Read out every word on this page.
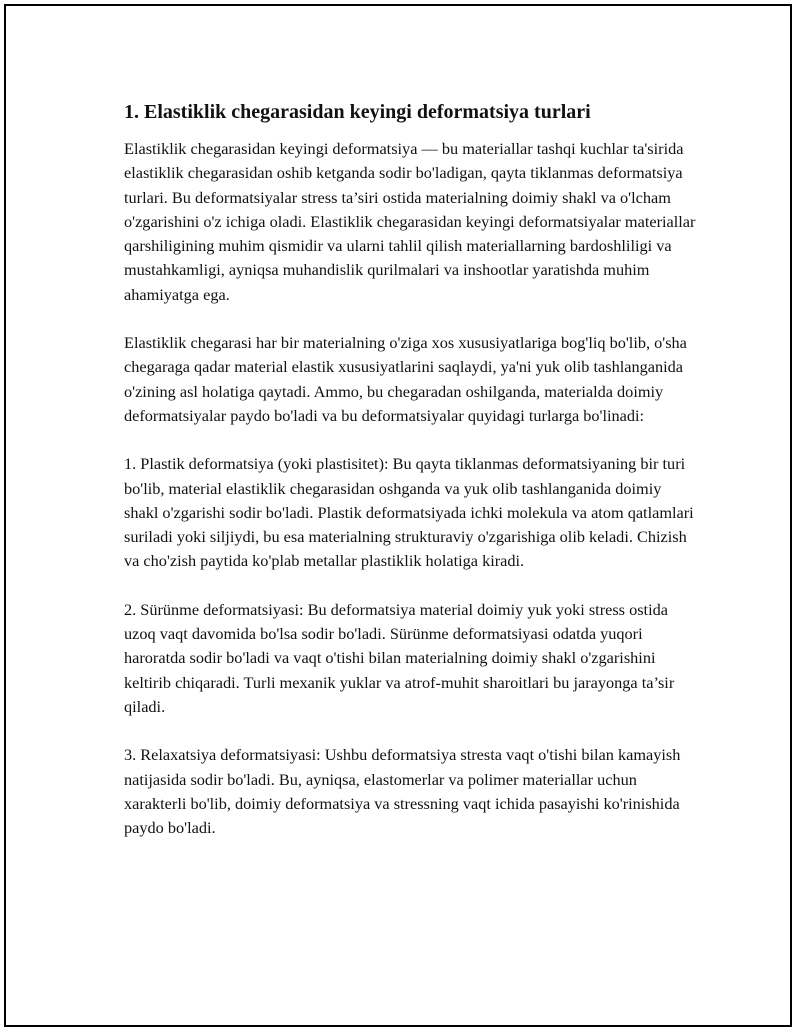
1. Elastiklik chegarasidan keyingi deformatsiya turlari

Elastiklik chegarasidan keyingi deformatsiya — bu materiallar tashqi kuchlar ta'sirida elastiklik chegarasidan oshib ketganda sodir bo'ladigan, qayta tiklanmas deformatsiya turlari. Bu deformatsiyalar stress ta’siri ostida materialning doimiy shakl va o'lcham o'zgarishini o'z ichiga oladi. Elastiklik chegarasidan keyingi deformatsiyalar materiallar qarshiligining muhim qismidir va ularni tahlil qilish materiallarning bardoshliligi va mustahkamligi, ayniqsa muhandislik qurilmalari va inshootlar yaratishda muhim ahamiyatga ega.

Elastiklik chegarasi har bir materialning o'ziga xos xususiyatlariga bog'liq bo'lib, o'sha chegaraga qadar material elastik xususiyatlarini saqlaydi, ya'ni yuk olib tashlanganida o'zining asl holatiga qaytadi. Ammo, bu chegaradan oshilganda, materialda doimiy deformatsiyalar paydo bo'ladi va bu deformatsiyalar quyidagi turlarga bo'linadi:

1. Plastik deformatsiya (yoki plastisitet): Bu qayta tiklanmas deformatsiyaning bir turi bo'lib, material elastiklik chegarasidan oshganda va yuk olib tashlanganida doimiy shakl o'zgarishi sodir bo'ladi. Plastik deformatsiyada ichki molekula va atom qatlamlari suriladi yoki siljiydi, bu esa materialning strukturaviy o'zgarishiga olib keladi. Chizish va cho'zish paytida ko'plab metallar plastiklik holatiga kiradi.

2. Sürünme deformatsiyasi: Bu deformatsiya material doimiy yuk yoki stress ostida uzoq vaqt davomida bo'lsa sodir bo'ladi. Sürünme deformatsiyasi odatda yuqori haroratda sodir bo'ladi va vaqt o'tishi bilan materialning doimiy shakl o'zgarishini keltirib chiqaradi. Turli mexanik yuklar va atrof-muhit sharoitlari bu jarayonga ta’sir qiladi.

3. Relaxatsiya deformatsiyasi: Ushbu deformatsiya stresta vaqt o'tishi bilan kamayish natijasida sodir bo'ladi. Bu, ayniqsa, elastomerlar va polimer materiallar uchun xarakterli bo'lib, doimiy deformatsiya va stressning vaqt ichida pasayishi ko'rinishida paydo bo'ladi.
